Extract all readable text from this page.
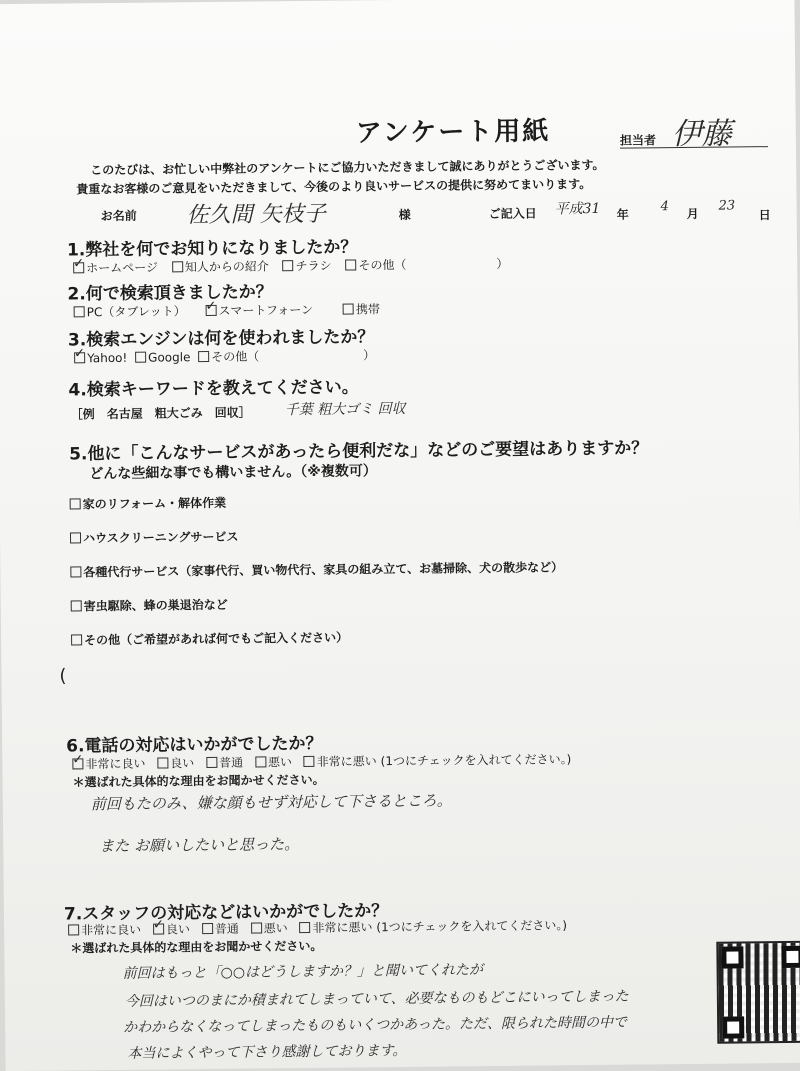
アンケート用紙	担当者 伊藤
このたびは、お忙しい中弊社のアンケートにご協力いただきまして誠にありがとうございます。
貴重なお客様のご意見をいただきまして、今後のより良いサービスの提供に努めてまいります。
お名前 佐久間 矢枝子	様	ご記入日 平成31 年
4 月
23
日
1.弊社を何でお知りになりましたか？
✓ホームページ 知人からの紹介 チラシ その他（	）
2.何で検索頂きましたか？
PC（タブレット） ✓	スマートフォーン	携帯
3.検索エンジンは何を使われましたか？
✓Yahoo! Google その他（	）
4.検索キーワードを教えてください。
［例　名古屋　粗大ごみ　回収］ 千葉 粗大ゴミ 回収
5.他に「こんなサービスがあったら便利だな」などのご要望はありますか？
どんな些細な事でも構いません。（※複数可）
家のリフォーム・解体作業
ハウスクリーニングサービス
各種代行サービス（家事代行、買い物代行、家具の組み立て、お墓掃除、犬の散歩など）
害虫駆除、蜂の巣退治など
その他（ご希望があれば何でもご記入ください）
(
6.電話の対応はいかがでしたか？
✓非常に良い 良い 普通 悪い 非常に悪い (1つにチェックを入れてください。)
＊選ばれた具体的な理由をお聞かせください。
前回もたのみ、嫌な顔もせず対応して下さるところ。
また お願いしたいと思った。
7.スタッフの対応などはいかがでしたか？
非常に良い ✓ 良い 普通 悪い 非常に悪い (1つにチェックを入れてください。)
＊選ばれた具体的な理由をお聞かせください。
前回はもっと「○○はどうしますか？」と聞いてくれたが
今回はいつのまにか積まれてしまっていて、必要なものもどこにいってしまった
かわからなくなってしまったものもいくつかあった。ただ、限られた時間の中で
本当によくやって下さり感謝しております。
